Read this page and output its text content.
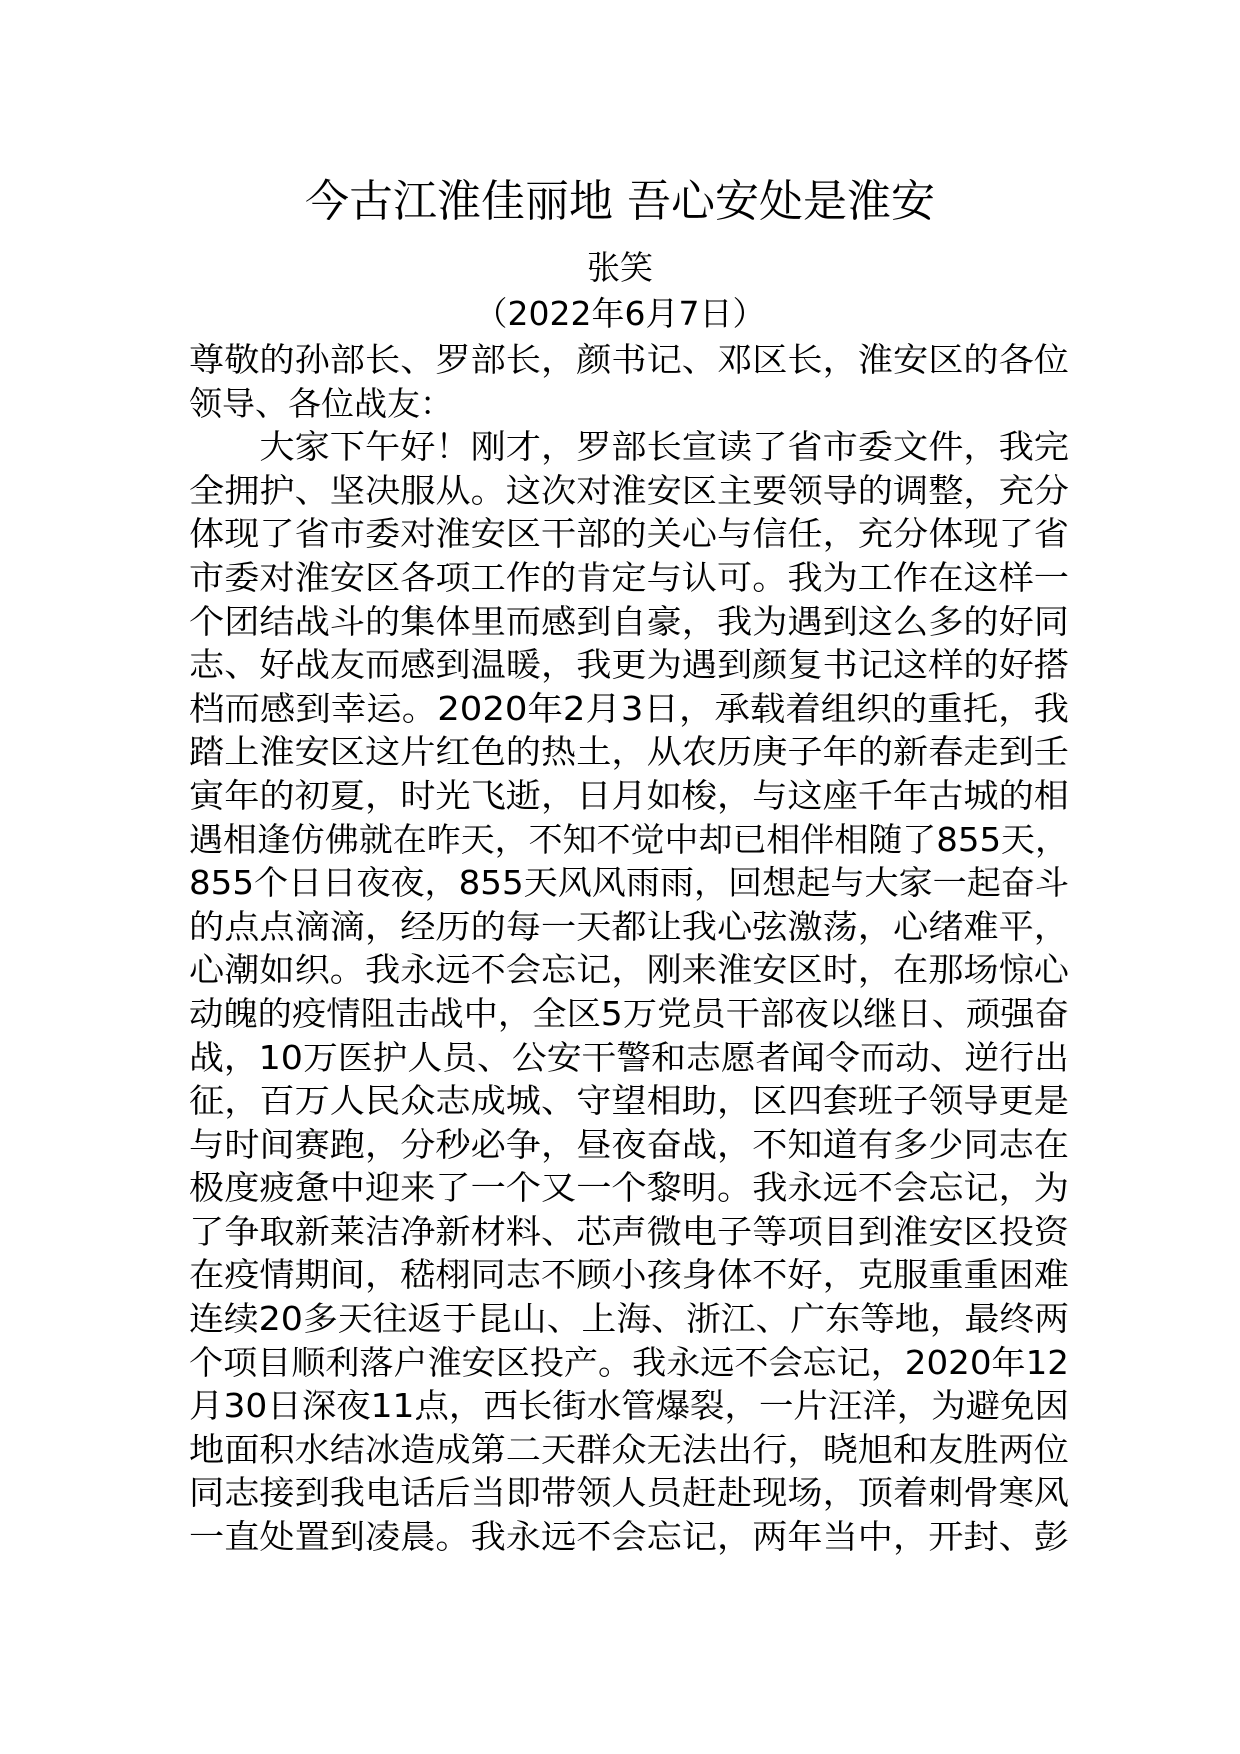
今古江淮佳丽地 吾心安处是淮安
张笑
（2022年6月7日）
尊敬的孙部长、罗部长，颜书记、邓区长，淮安区的各位
领导、各位战友：
　　大家下午好！刚才，罗部长宣读了省市委文件，我完
全拥护、坚决服从。这次对淮安区主要领导的调整，充分
体现了省市委对淮安区干部的关心与信任，充分体现了省
市委对淮安区各项工作的肯定与认可。我为工作在这样一
个团结战斗的集体里而感到自豪，我为遇到这么多的好同
志、好战友而感到温暖，我更为遇到颜复书记这样的好搭
档而感到幸运。2020年2月3日，承载着组织的重托，我
踏上淮安区这片红色的热土，从农历庚子年的新春走到壬
寅年的初夏，时光飞逝，日月如梭，与这座千年古城的相
遇相逢仿佛就在昨天，不知不觉中却已相伴相随了855天，
855个日日夜夜，855天风风雨雨，回想起与大家一起奋斗
的点点滴滴，经历的每一天都让我心弦激荡，心绪难平，
心潮如织。我永远不会忘记，刚来淮安区时，在那场惊心
动魄的疫情阻击战中，全区5万党员干部夜以继日、顽强奋
战，10万医护人员、公安干警和志愿者闻令而动、逆行出
征，百万人民众志成城、守望相助，区四套班子领导更是
与时间赛跑，分秒必争，昼夜奋战，不知道有多少同志在
极度疲惫中迎来了一个又一个黎明。我永远不会忘记，为
了争取新莱洁净新材料、芯声微电子等项目到淮安区投资
在疫情期间，嵇栩同志不顾小孩身体不好，克服重重困难
连续20多天往返于昆山、上海、浙江、广东等地，最终两
个项目顺利落户淮安区投产。我永远不会忘记，2020年12
月30日深夜11点，西长街水管爆裂，一片汪洋，为避免因
地面积水结冰造成第二天群众无法出行，晓旭和友胜两位
同志接到我电话后当即带领人员赶赴现场，顶着刺骨寒风
一直处置到凌晨。我永远不会忘记，两年当中，开封、彭
